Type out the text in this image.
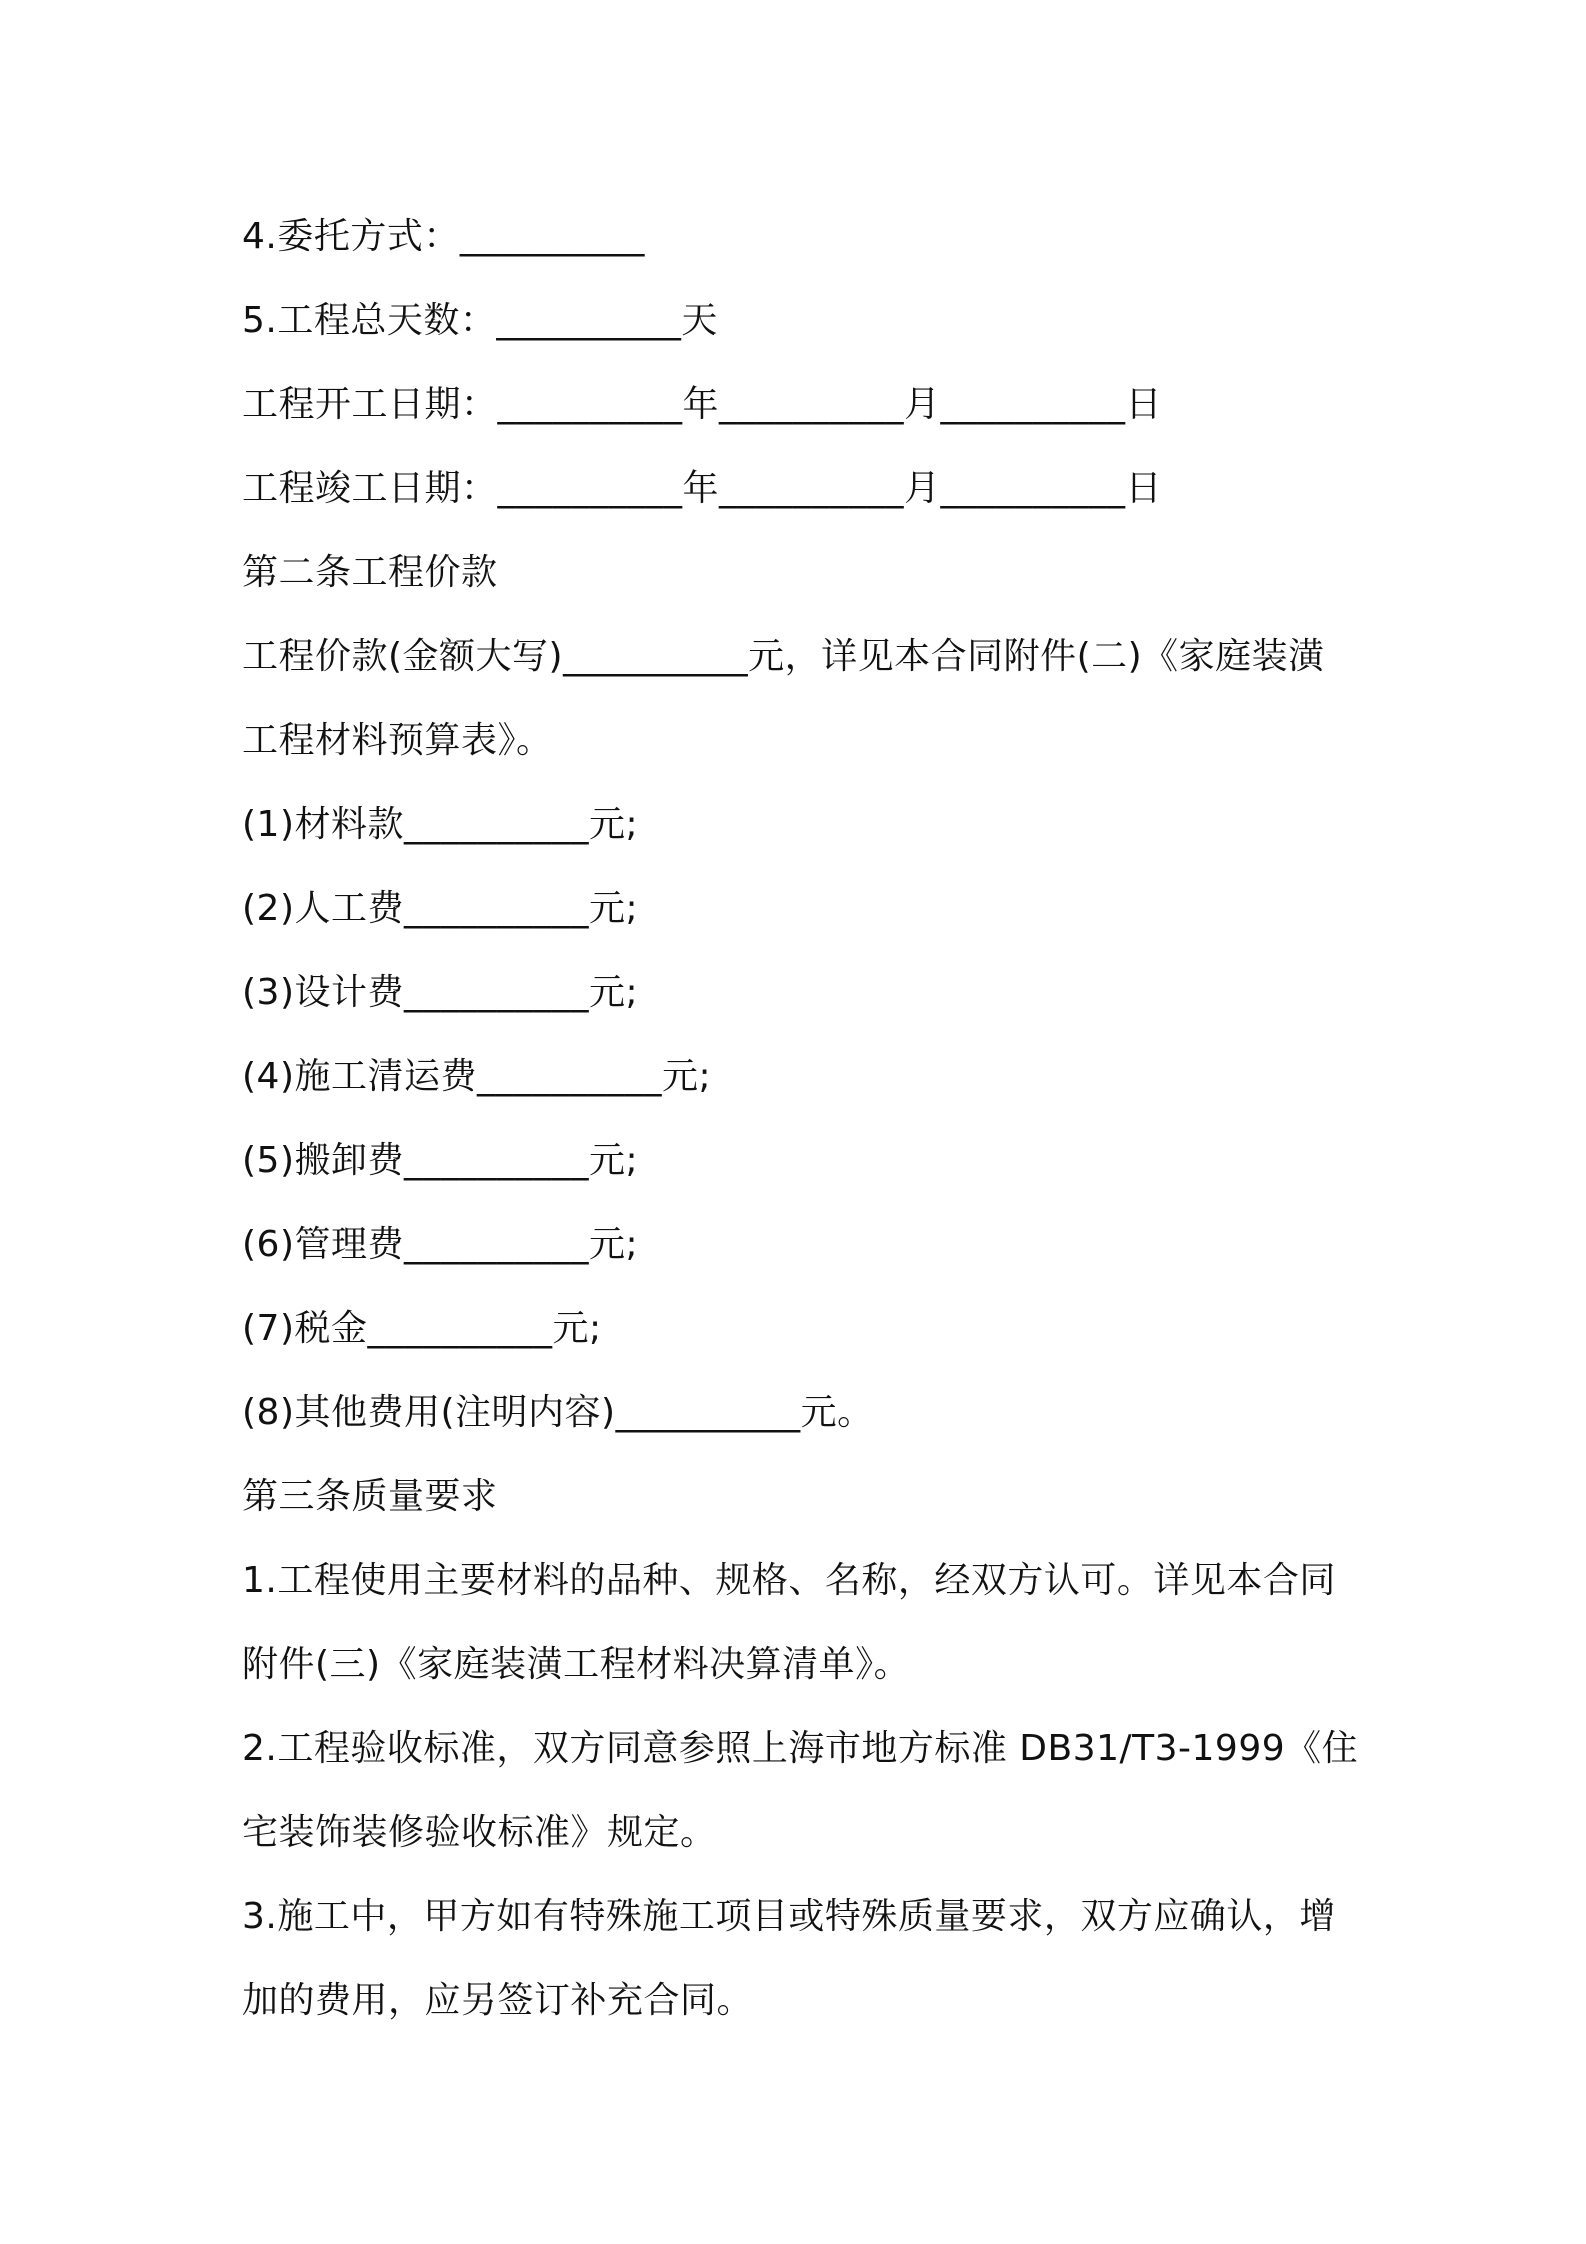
4.委托方式：__________
5.工程总天数：__________天
工程开工日期：__________年__________月__________日
工程竣工日期：__________年__________月__________日
第二条工程价款
工程价款(金额大写)__________元，详见本合同附件(二)《家庭装潢
工程材料预算表》。
(1)材料款__________元;
(2)人工费__________元;
(3)设计费__________元;
(4)施工清运费__________元;
(5)搬卸费__________元;
(6)管理费__________元;
(7)税金__________元;
(8)其他费用(注明内容)__________元。
第三条质量要求
1.工程使用主要材料的品种、规格、名称，经双方认可。详见本合同
附件(三)《家庭装潢工程材料决算清单》。
2.工程验收标准，双方同意参照上海市地方标准 DB31/T3-1999《住
宅装饰装修验收标准》规定。
3.施工中，甲方如有特殊施工项目或特殊质量要求，双方应确认，增
加的费用，应另签订补充合同。
